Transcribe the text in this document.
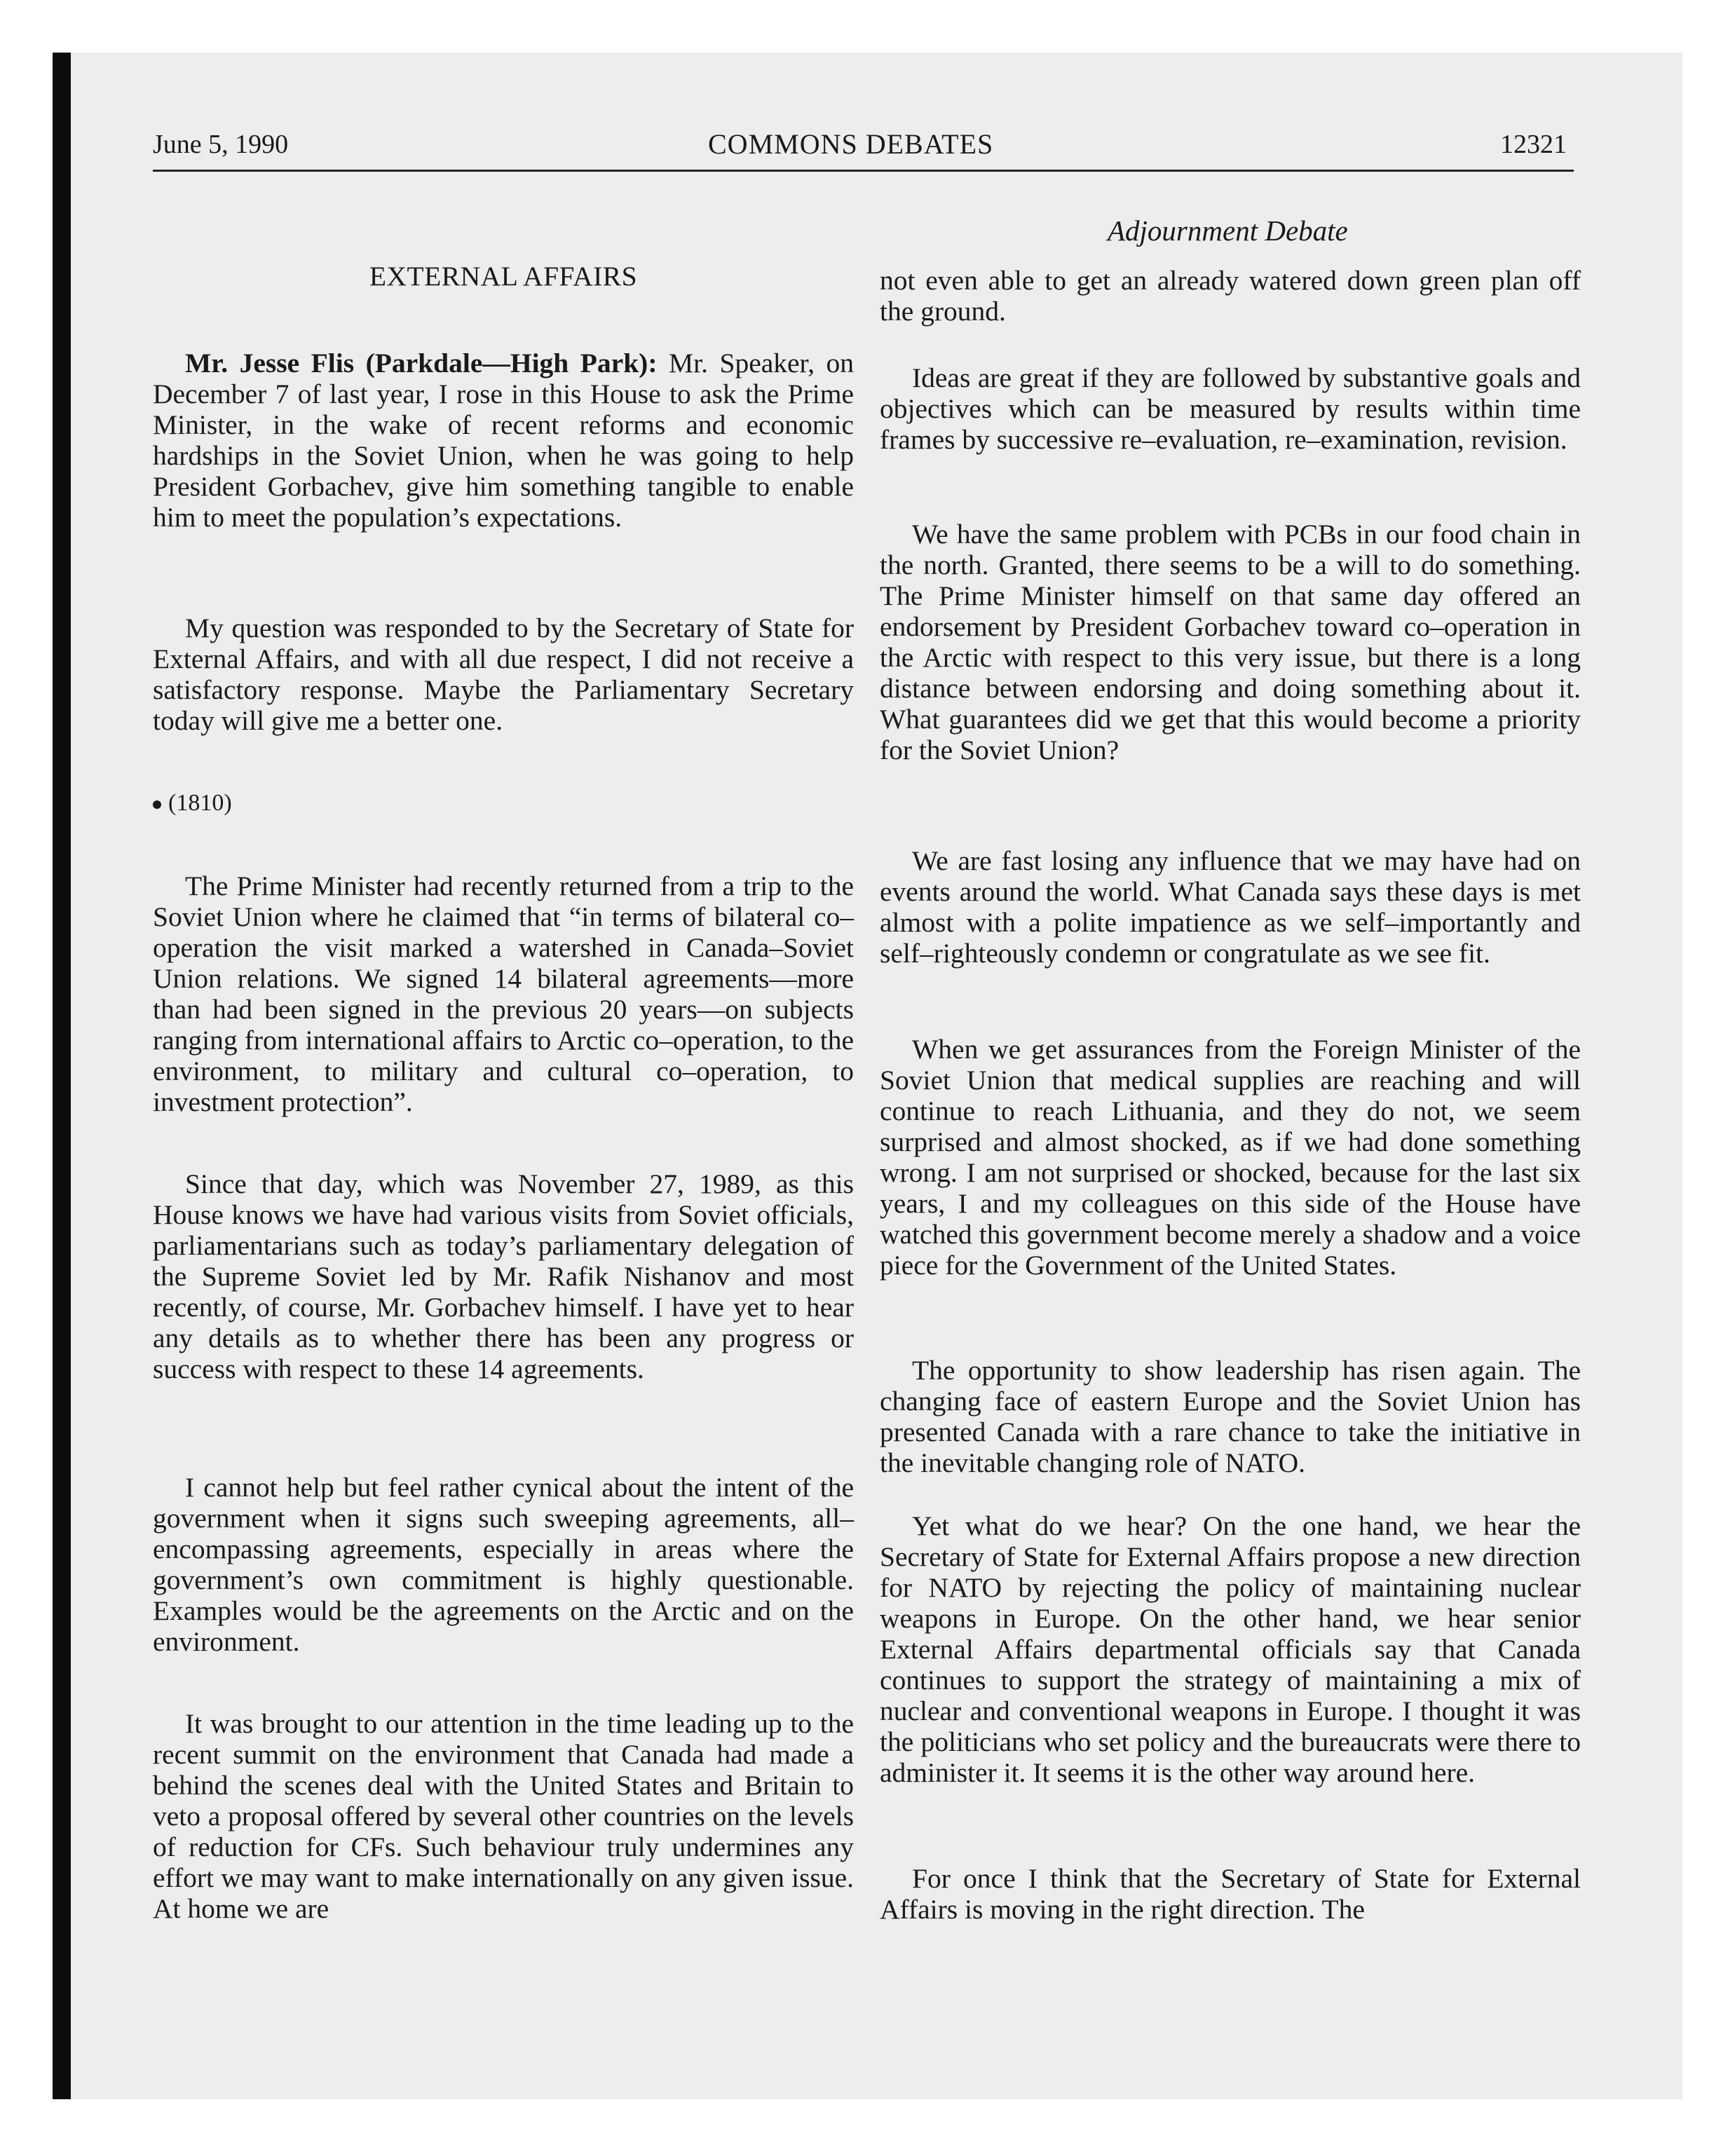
June 5, 1990	COMMONS DEBATES	12321
Adjournment Debate
EXTERNAL AFFAIRS

Mr. Jesse Flis (Parkdale—High Park): Mr. Speaker, on December 7 of last year, I rose in this House to ask the Prime Minister, in the wake of recent reforms and economic hardships in the Soviet Union, when he was going to help President Gorbachev, give him something tangible to enable him to meet the population’s expectations.

My question was responded to by the Secretary of State for External Affairs, and with all due respect, I did not receive a satisfactory response. Maybe the Parliamentary Secretary today will give me a better one.

(1810)

The Prime Minister had recently returned from a trip to the Soviet Union where he claimed that “in terms of bilateral co–operation the visit marked a watershed in Canada–Soviet Union relations. We signed 14 bilateral agreements—more than had been signed in the previous 20 years—on subjects ranging from international affairs to Arctic co–operation, to the environment, to military and cultural co–operation, to investment protection”.

Since that day, which was November 27, 1989, as this House knows we have had various visits from Soviet officials, parliamentarians such as today’s parliamentary delegation of the Supreme Soviet led by Mr. Rafik Nishanov and most recently, of course, Mr. Gorbachev himself. I have yet to hear any details as to whether there has been any progress or success with respect to these 14 agreements.

I cannot help but feel rather cynical about the intent of the government when it signs such sweeping agreements, all–encompassing agreements, especially in areas where the government’s own commitment is highly questionable. Examples would be the agreements on the Arctic and on the environment.

It was brought to our attention in the time leading up to the recent summit on the environment that Canada had made a behind the scenes deal with the United States and Britain to veto a proposal offered by several other countries on the levels of reduction for CFs. Such behaviour truly undermines any effort we may want to make internationally on any given issue. At home we are

not even able to get an already watered down green plan off the ground.

Ideas are great if they are followed by substantive goals and objectives which can be measured by results within time frames by successive re–evaluation, re–examination, revision.

We have the same problem with PCBs in our food chain in the north. Granted, there seems to be a will to do something. The Prime Minister himself on that same day offered an endorsement by President Gorbachev toward co–operation in the Arctic with respect to this very issue, but there is a long distance between endorsing and doing something about it. What guarantees did we get that this would become a priority for the Soviet Union?

We are fast losing any influence that we may have had on events around the world. What Canada says these days is met almost with a polite impatience as we self–importantly and self–righteously condemn or congratulate as we see fit.

When we get assurances from the Foreign Minister of the Soviet Union that medical supplies are reaching and will continue to reach Lithuania, and they do not, we seem surprised and almost shocked, as if we had done something wrong. I am not surprised or shocked, because for the last six years, I and my colleagues on this side of the House have watched this government become merely a shadow and a voice piece for the Government of the United States.

The opportunity to show leadership has risen again. The changing face of eastern Europe and the Soviet Union has presented Canada with a rare chance to take the initiative in the inevitable changing role of NATO.

Yet what do we hear? On the one hand, we hear the Secretary of State for External Affairs propose a new direction for NATO by rejecting the policy of maintaining nuclear weapons in Europe. On the other hand, we hear senior External Affairs departmental officials say that Canada continues to support the strategy of maintaining a mix of nuclear and conventional weapons in Europe. I thought it was the politicians who set policy and the bureaucrats were there to administer it. It seems it is the other way around here.

For once I think that the Secretary of State for External Affairs is moving in the right direction. The
